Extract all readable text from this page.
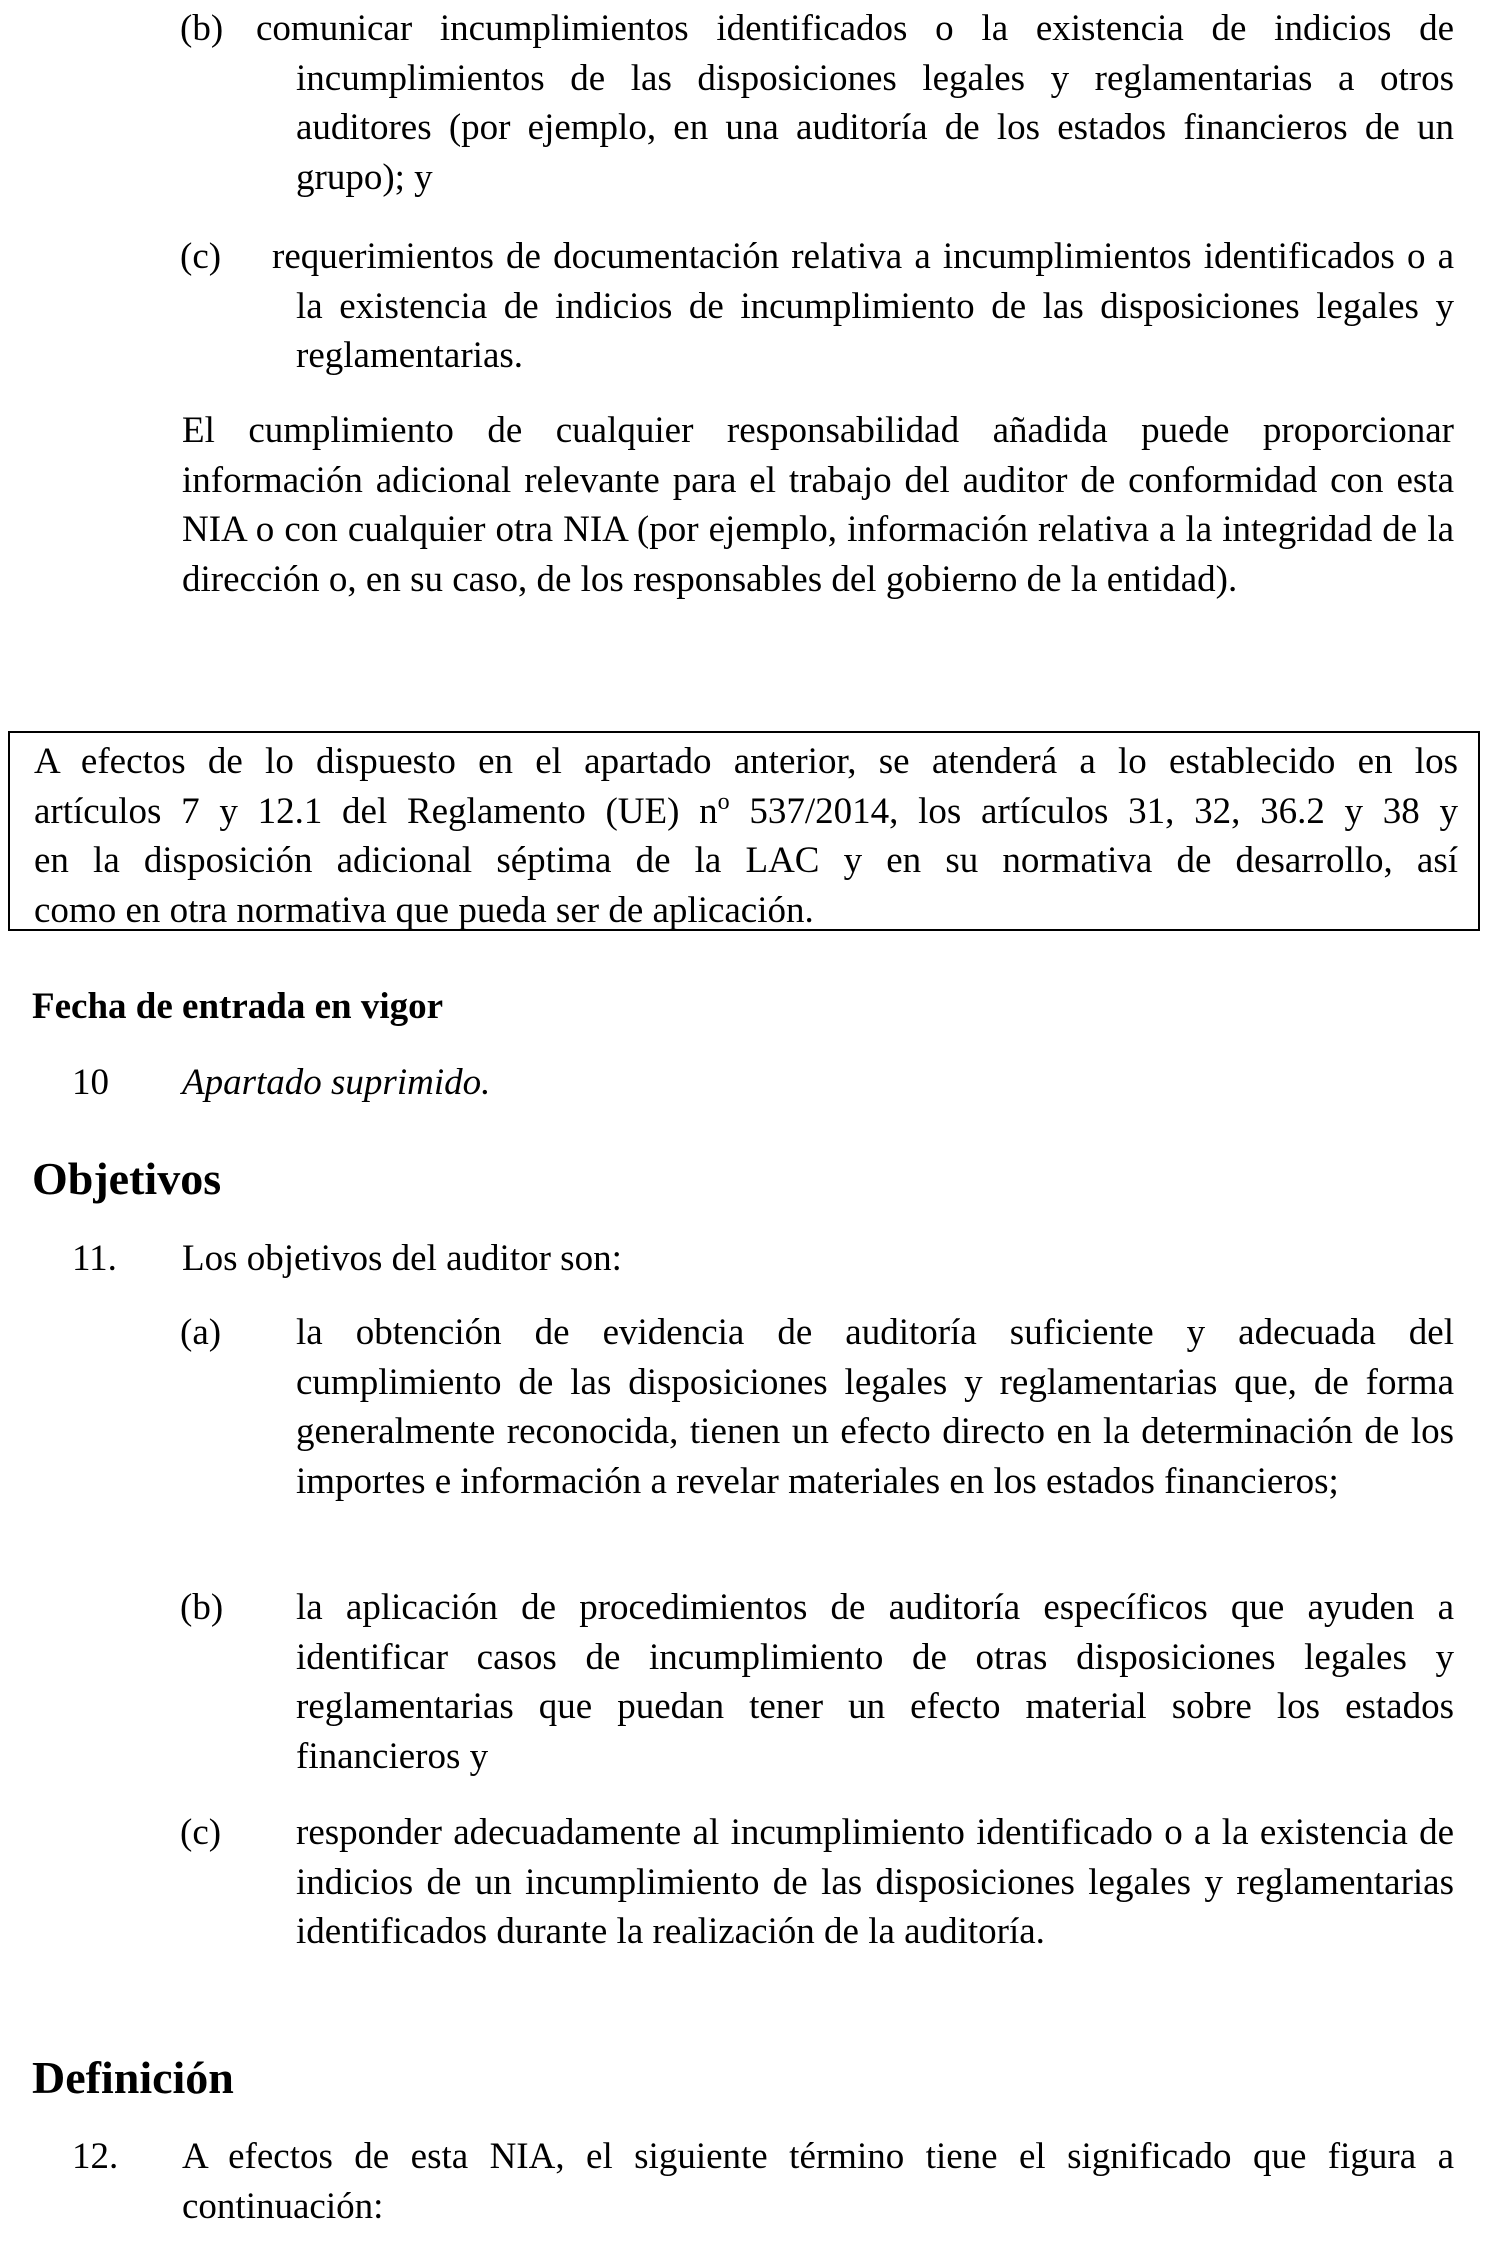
(b) comunicar incumplimientos identificados o la existencia de indicios de incumplimientos de las disposiciones legales y reglamentarias a otros auditores (por ejemplo, en una auditoría de los estados financieros de un grupo); y
(c) requerimientos de documentación relativa a incumplimientos identificados o a la existencia de indicios de incumplimiento de las disposiciones legales y reglamentarias.
El cumplimiento de cualquier responsabilidad añadida puede proporcionar información adicional relevante para el trabajo del auditor de conformidad con esta NIA o con cualquier otra NIA (por ejemplo, información relativa a la integridad de la dirección o, en su caso, de los responsables del gobierno de la entidad).
A efectos de lo dispuesto en el apartado anterior, se atenderá a lo establecido en los
artículos 7 y 12.1 del Reglamento (UE) $n^o$ 537/2014, los artículos 31, 32, 36.2 y 38 y
en la disposición adicional séptima de la LAC y en su normativa de desarrollo, así
como en otra normativa que pueda ser de aplicación.
Fecha de entrada en vigor
10 Apartado suprimido.
Objetivos
11. Los objetivos del auditor son:
(a) la obtención de evidencia de auditoría suficiente y adecuada del cumplimiento de las disposiciones legales y reglamentarias que, de forma generalmente reconocida, tienen un efecto directo en la determinación de los importes e información a revelar materiales en los estados financieros;
(b) la aplicación de procedimientos de auditoría específicos que ayuden a identificar casos de incumplimiento de otras disposiciones legales y reglamentarias que puedan tener un efecto material sobre los estados financieros y
(c) responder adecuadamente al incumplimiento identificado o a la existencia de indicios de un incumplimiento de las disposiciones legales y reglamentarias identificados durante la realización de la auditoría.
Definición
12. A efectos de esta NIA, el siguiente término tiene el significado que figura a continuación:
